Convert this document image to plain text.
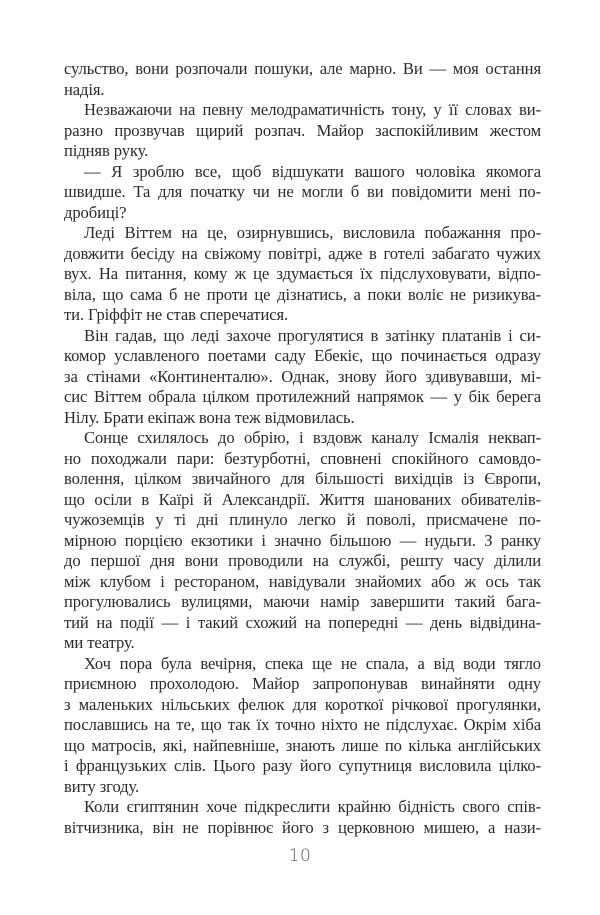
сульство, вони розпочали пошуки, але марно. Ви — моя остання
надія.
Незважаючи на певну мелодраматичність тону, у її словах ви-
разно прозвучав щирий розпач. Майор заспокійливим жестом
підняв руку.
— Я зроблю все, щоб відшукати вашого чоловіка якомога
швидше. Та для початку чи не могли б ви повідомити мені по-
дробиці?
Леді Віттем на це, озирнувшись, висловила побажання про-
довжити бесіду на свіжому повітрі, адже в готелі забагато чужих
вух. На питання, кому ж це здумається їх підслуховувати, відпо-
віла, що сама б не проти це дізнатись, а поки воліє не ризикува-
ти. Гріффіт не став сперечатися.
Він гадав, що леді захоче прогулятися в затінку платанів і си-
комор уславленого поетами саду Ебекіє, що починається одразу
за стінами «Континенталю». Однак, знову його здивувавши, мі-
сис Віттем обрала цілком протилежний напрямок — у бік берега
Нілу. Брати екіпаж вона теж відмовилась.
Сонце схилялось до обрію, і вздовж каналу Ісмалія неквап-
но походжали пари: безтурботні, сповнені спокійного самовдо-
волення, цілком звичайного для більшості вихідців із Європи,
що осіли в Каїрі й Александрії. Життя шанованих обивателів-
чужоземців у ті дні плинуло легко й поволі, присмачене по-
мірною порцією екзотики і значно більшою — нудьги. З ранку
до першої дня вони проводили на службі, решту часу ділили
між клубом і рестораном, навідували знайомих або ж ось так
прогулювались вулицями, маючи намір завершити такий бага-
тий на події — і такий схожий на попередні — день відвідина-
ми театру.
Хоч пора була вечірня, спека ще не спала, а від води тягло
приємною прохолодою. Майор запропонував винайняти одну
з маленьких нільських фелюк для короткої річкової прогулянки,
пославшись на те, що так їх точно ніхто не підслухає. Окрім хіба
що матросів, які, найпевніше, знають лише по кілька англійських
і французьких слів. Цього разу його супутниця висловила цілко-
виту згоду.
Коли єгиптянин хоче підкреслити крайню бідність свого спів-
вітчизника, він не порівнює його з церковною мишею, а нази-
10
